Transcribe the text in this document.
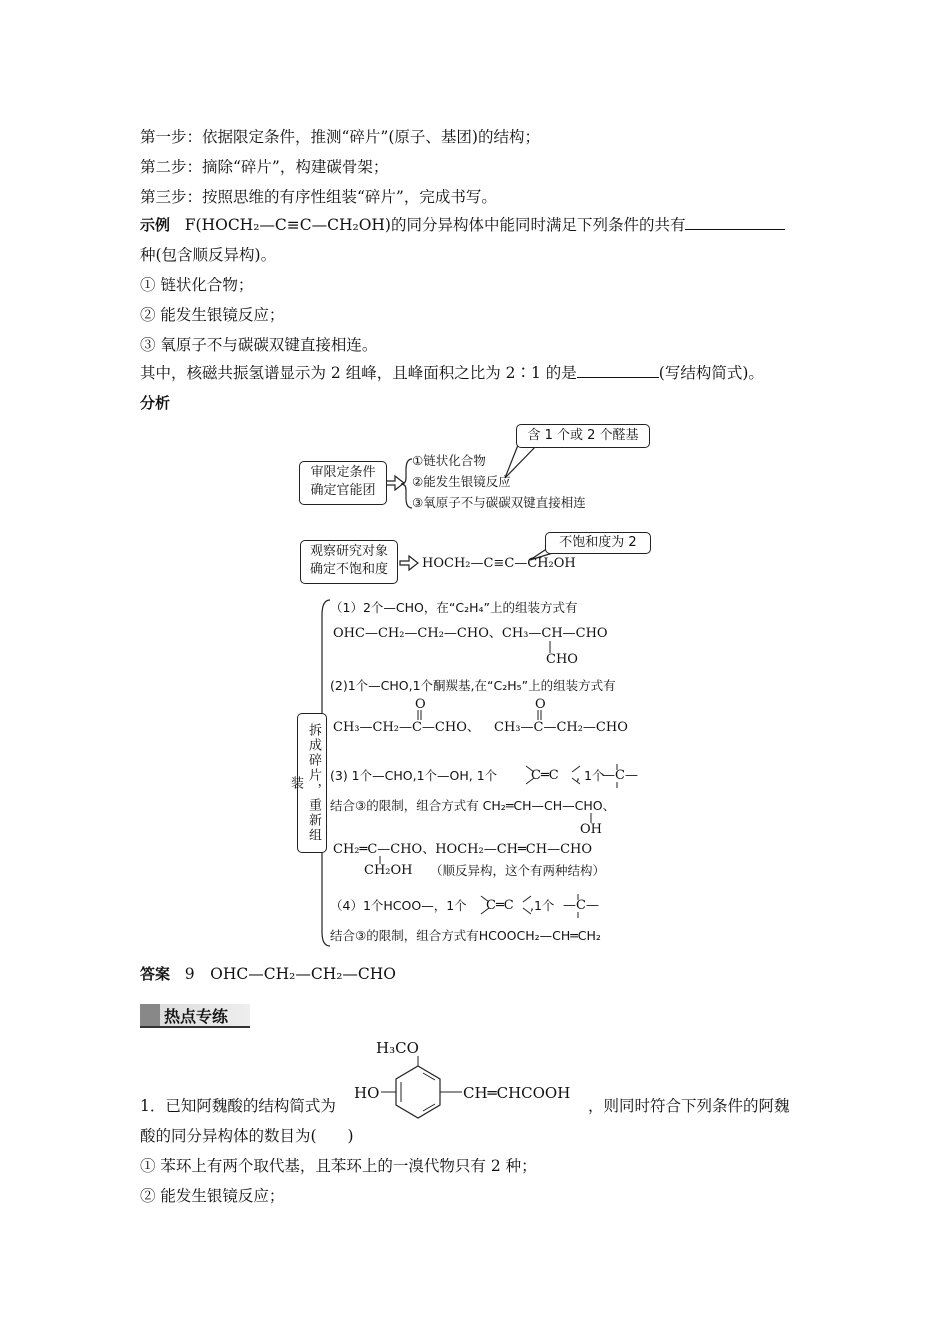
第一步：依据限定条件，推测“碎片”(原子、基团)的结构；
第二步：摘除“碎片”，构建碳骨架；
第三步：按照思维的有序性组装“碎片”，完成书写。
示例 F(HOCH₂—C≡C—CH₂OH)的同分异构体中能同时满足下列条件的共有
种(包含顺反异构)。
① 链状化合物；
② 能发生银镜反应；
③ 氧原子不与碳碳双键直接相连。
其中，核磁共振氢谱显示为 2 组峰，且峰面积之比为 2∶1 的是	(写结构简式)。
分析
审限定条件
确定官能团
含 1 个或 2 个醛基
①链状化合物
②能发生银镜反应
③氧原子不与碳碳双键直接相连
观察研究对象
确定不饱和度
不饱和度为 2
HOCH₂—C≡C—CH₂OH
拆成碎片，重新组装
（1）2个—CHO，在“C₂H₄”上的组装方式有
OHC—CH₂—CH₂—CHO、CH₃—CH—CHO
CHO
(2)1个—CHO,1个酮羰基,在“C₂H₅”上的组装方式有
O	O
CH₃—CH₂—C—CHO、 CH₃—C—CH₂—CHO
(3) 1个—CHO,1个—OH, 1个	C═C , 1个
—C—
结合③的限制，组合方式有 CH₂═CH—CH—CHO、
OH
CH₂═C—CHO、HOCH₂—CH═CH—CHO
CH₂OH （顺反异构，这个有两种结构）
（4）1个HCOO—，1个 C═C ,1个 —C—
结合③的限制，组合方式有HCOOCH₂—CH═CH₂
答案 9　OHC—CH₂—CH₂—CHO
热点专练
H₃CO
HO	CH═CHCOOH
1．已知阿魏酸的结构简式为	，则同时符合下列条件的阿魏
酸的同分异构体的数目为(　　)
① 苯环上有两个取代基，且苯环上的一溴代物只有 2 种；
② 能发生银镜反应；
